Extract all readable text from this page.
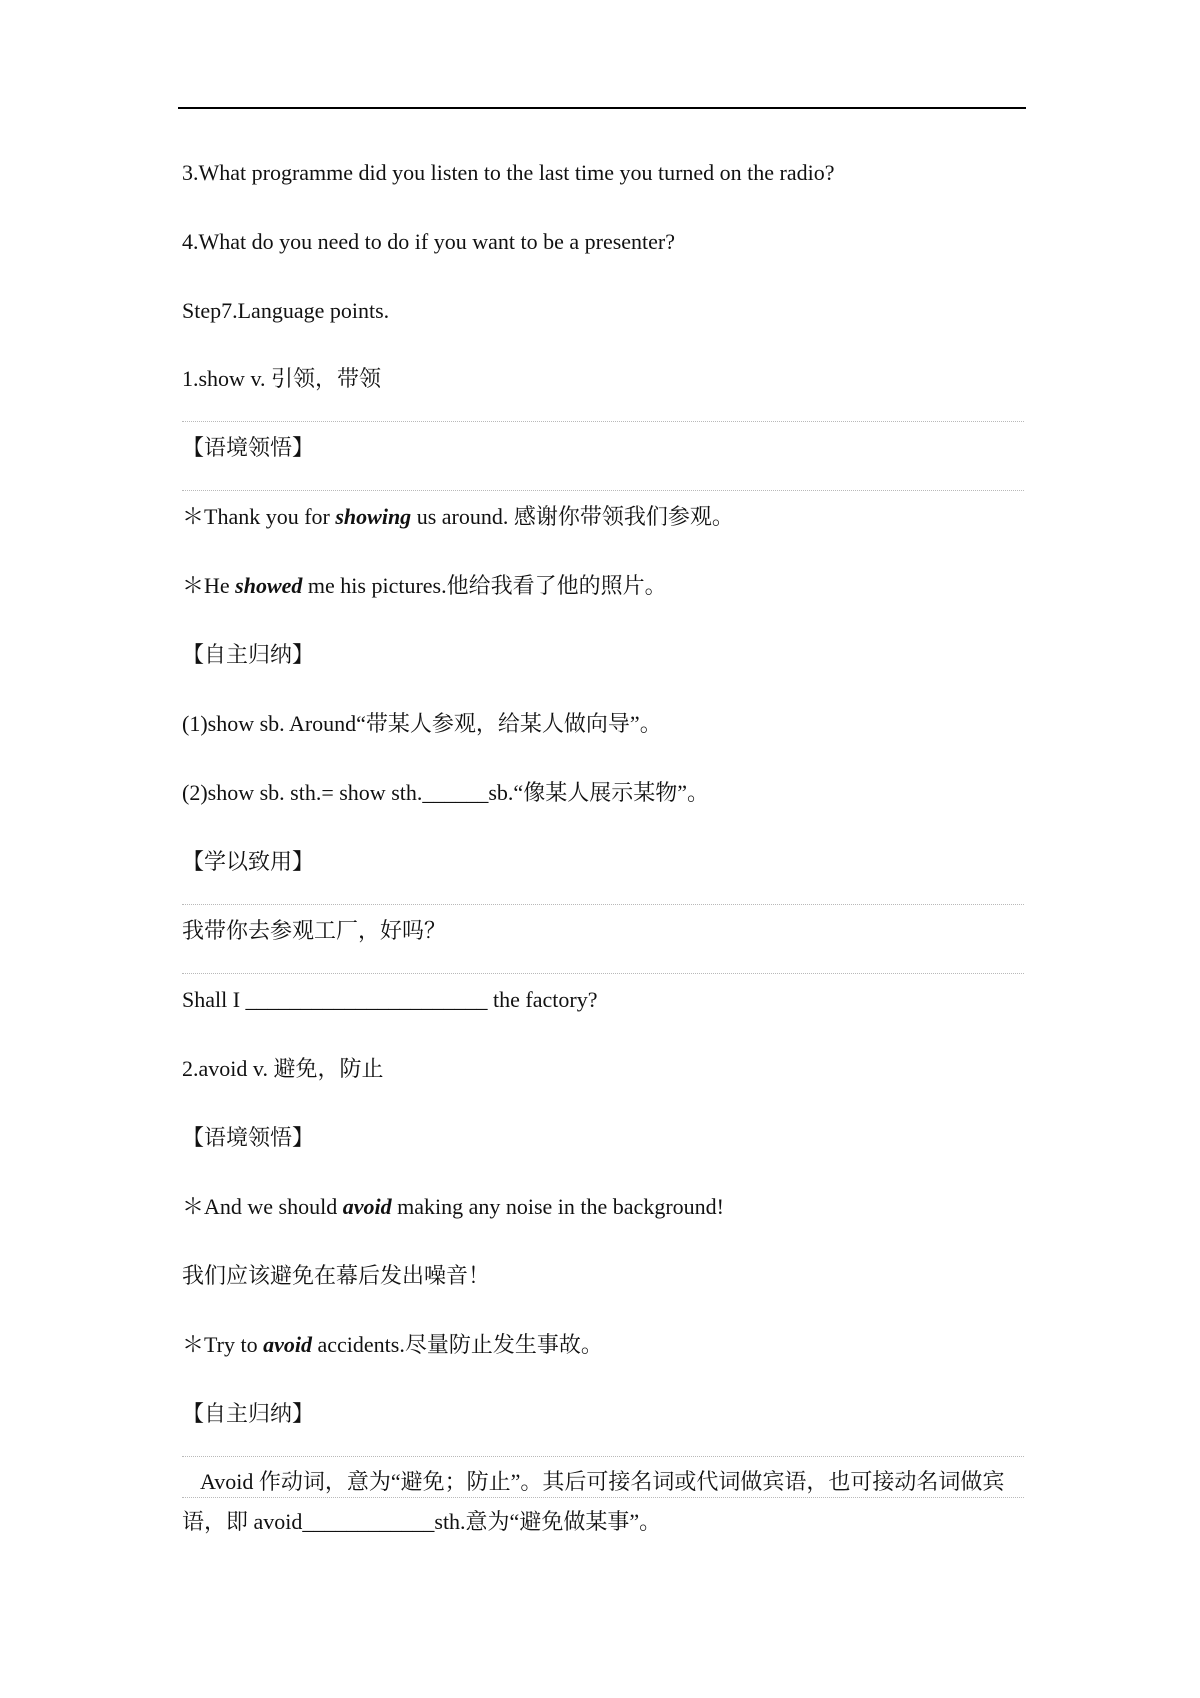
3.What programme did you listen to the last time you turned on the radio?
4.What do you need to do if you want to be a presenter?
Step7.Language points.
1.show v. 引领，带领
【语境领悟】
＊Thank you for showing us around. 感谢你带领我们参观。
＊He showed me his pictures.他给我看了他的照片。
【自主归纳】
(1)show sb. Around“带某人参观，给某人做向导”。
(2)show sb. sth.= show sth.______sb.“像某人展示某物”。
【学以致用】
我带你去参观工厂，好吗？
Shall I ______________________ the factory?
2.avoid v. 避免，防止
【语境领悟】
＊And we should avoid making any noise in the background!
我们应该避免在幕后发出噪音！
＊Try to avoid accidents.尽量防止发生事故。
【自主归纳】
Avoid 作动词，意为“避免；防止”。其后可接名词或代词做宾语，也可接动名词做宾语，即 avoid____________sth.意为“避免做某事”。
